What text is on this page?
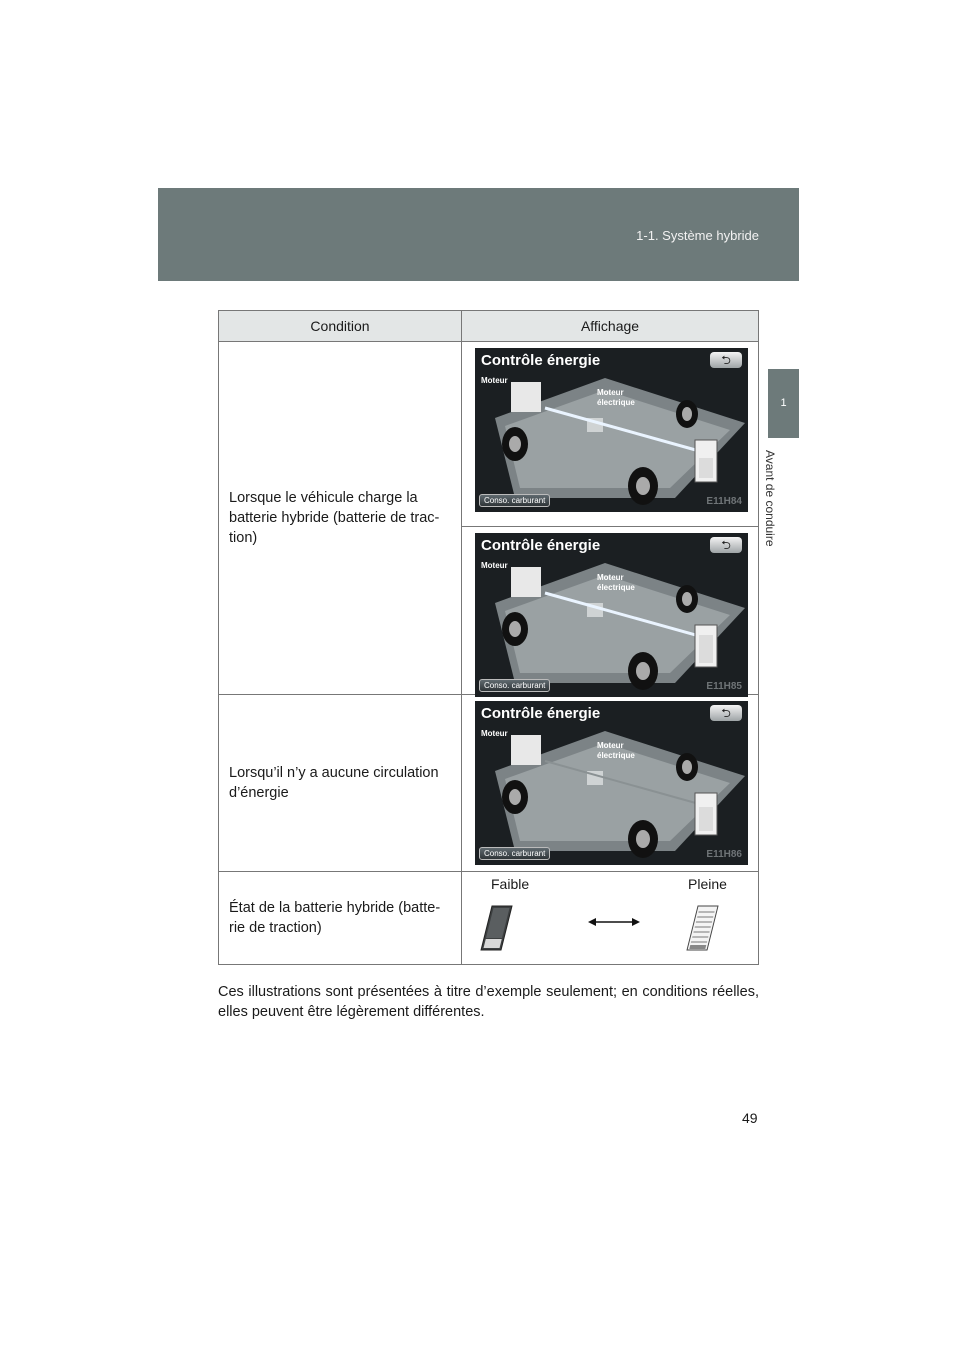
1-1. Système hybride
1
Avant de conduire
Condition	Affichage
Lorsque le véhicule charge la batterie hybride (batterie de trac-tion)
Contrôle énergie	⮌
Moteur
Moteur électrique
Conso. carburant	E11H84
Contrôle énergie	⮌
Moteur
Moteur électrique
Conso. carburant	E11H85
Lorsqu’il n’y a aucune circulation d’énergie
Contrôle énergie	⮌
Moteur
Moteur électrique
Conso. carburant	E11H86
État de la batterie hybride (batte-rie de traction)
Faible	Pleine
Ces illustrations sont présentées à titre d’exemple seulement; en conditions réelles, elles peuvent être légèrement différentes.
49
